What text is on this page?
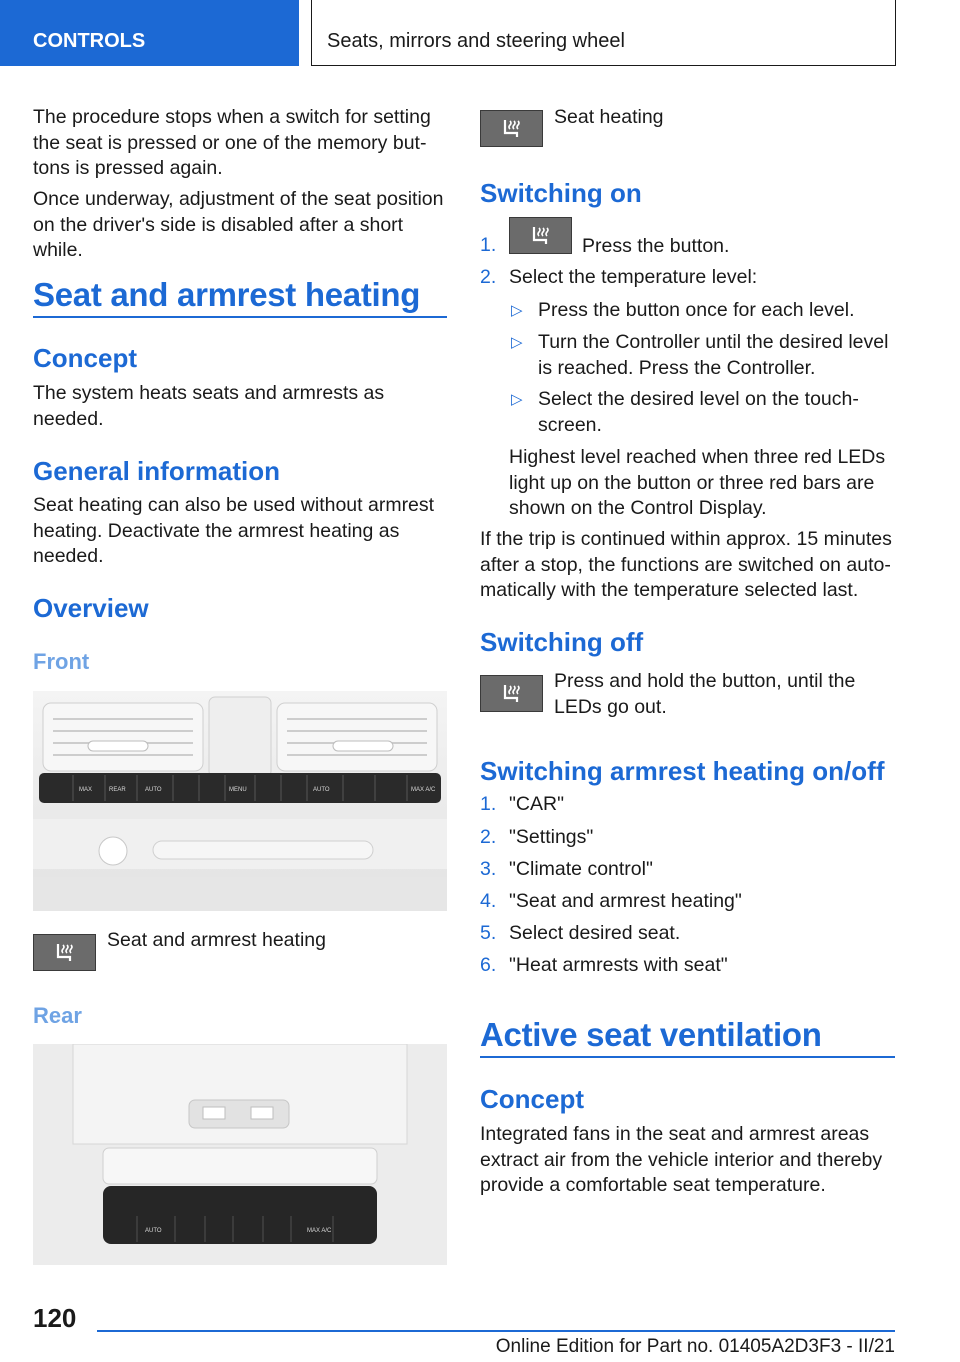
CONTROLS	Seats, mirrors and steering wheel

The procedure stops when a switch for setting the seat is pressed or one of the memory buttons is pressed again.

Once underway, adjustment of the seat position on the driver's side is disabled after a short while.

Seat and armrest heating
Concept

The system heats seats and armrests as needed.

General information

Seat heating can also be used without armrest heating. Deactivate the armrest heating as needed.

Overview
Front
MAX	REAR	AUTO	MENU	AUTO	MAX A/C

Seat and armrest heating

Rear
AUTO	MAX A/C

Seat heating

Switching on
1.	Press the button.

2. Select the temperature level:

▷ Press the button once for each level.

▷ Turn the Controller until the desired level is reached. Press the Controller.

▷ Select the desired level on the touchscreen.

Highest level reached when three red LEDs light up on the button or three red bars are shown on the Control Display.

If the trip is continued within approx. 15 minutes after a stop, the functions are switched on automatically with the temperature selected last.

Switching off

Press and hold the button, until the LEDs go out.

Switching armrest heating on/off
1. "CAR"

2. "Settings"

3. "Climate control"

4. "Seat and armrest heating"

5. Select desired seat.

6. "Heat armrests with seat"

Active seat ventilation
Concept

Integrated fans in the seat and armrest areas extract air from the vehicle interior and thereby provide a comfortable seat temperature.

120
Online Edition for Part no. 01405A2D3F3 - II/21
